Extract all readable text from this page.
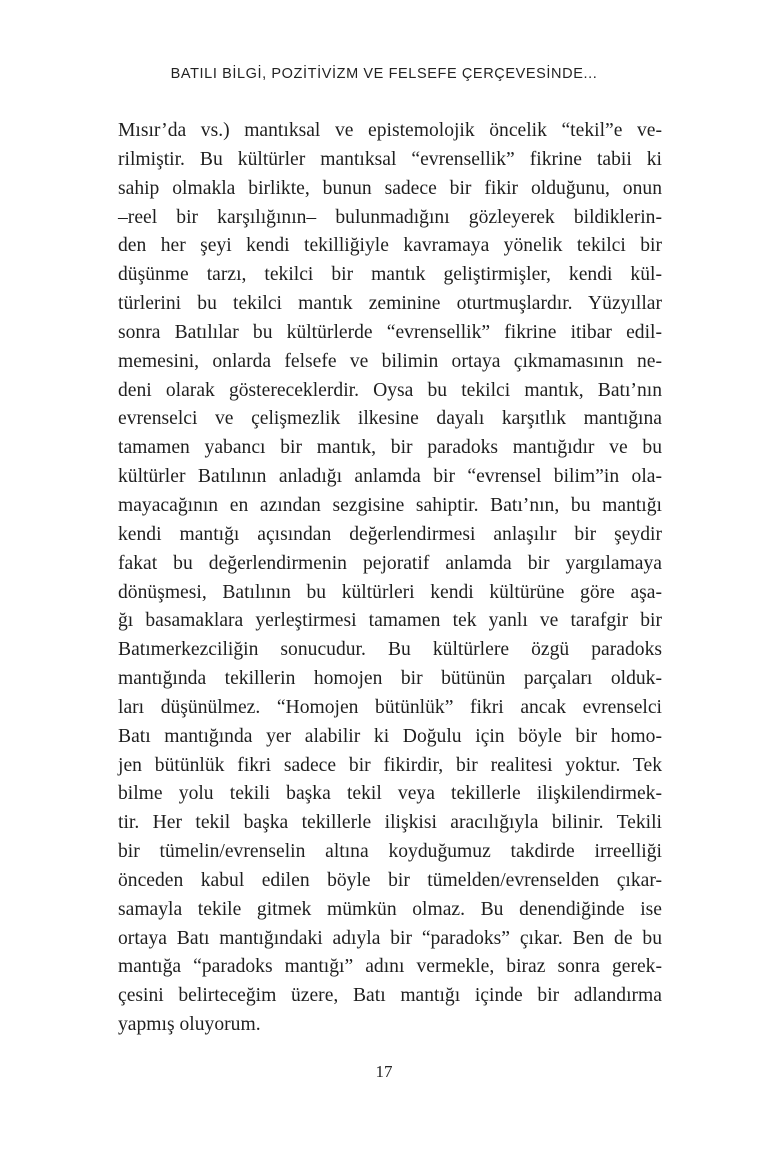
BATILI BİLGİ, POZİTİVİZM VE FELSEFE ÇERÇEVESİNDE...
Mısır’da vs.) mantıksal ve epistemolojik öncelik “tekil”e ve-
rilmiştir. Bu kültürler mantıksal “evrensellik” fikrine tabii ki
sahip olmakla birlikte, bunun sadece bir fikir olduğunu, onun
–reel bir karşılığının– bulunmadığını gözleyerek bildiklerin-
den her şeyi kendi tekilliğiyle kavramaya yönelik tekilci bir
düşünme tarzı, tekilci bir mantık geliştirmişler, kendi kül-
türlerini bu tekilci mantık zeminine oturtmuşlardır. Yüzyıllar
sonra Batılılar bu kültürlerde “evrensellik” fikrine itibar edil-
memesini, onlarda felsefe ve bilimin ortaya çıkmamasının ne-
deni olarak göstereceklerdir. Oysa bu tekilci mantık, Batı’nın
evrenselci ve çelişmezlik ilkesine dayalı karşıtlık mantığına
tamamen yabancı bir mantık, bir paradoks mantığıdır ve bu
kültürler Batılının anladığı anlamda bir “evrensel bilim”in ola-
mayacağının en azından sezgisine sahiptir. Batı’nın, bu mantığı
kendi mantığı açısından değerlendirmesi anlaşılır bir şeydir
fakat bu değerlendirmenin pejoratif anlamda bir yargılamaya
dönüşmesi, Batılının bu kültürleri kendi kültürüne göre aşa-
ğı basamaklara yerleştirmesi tamamen tek yanlı ve tarafgir bir
Batımerkezciliğin sonucudur. Bu kültürlere özgü paradoks
mantığında tekillerin homojen bir bütünün parçaları olduk-
ları düşünülmez. “Homojen bütünlük” fikri ancak evrenselci
Batı mantığında yer alabilir ki Doğulu için böyle bir homo-
jen bütünlük fikri sadece bir fikirdir, bir realitesi yoktur. Tek
bilme yolu tekili başka tekil veya tekillerle ilişkilendirmek-
tir. Her tekil başka tekillerle ilişkisi aracılığıyla bilinir. Tekili
bir tümelin/evrenselin altına koyduğumuz takdirde irreelliği
önceden kabul edilen böyle bir tümelden/evrenselden çıkar-
samayla tekile gitmek mümkün olmaz. Bu denendiğinde ise
ortaya Batı mantığındaki adıyla bir “paradoks” çıkar. Ben de bu
mantığa “paradoks mantığı” adını vermekle, biraz sonra gerek-
çesini belirteceğim üzere, Batı mantığı içinde bir adlandırma
yapmış oluyorum.
17
